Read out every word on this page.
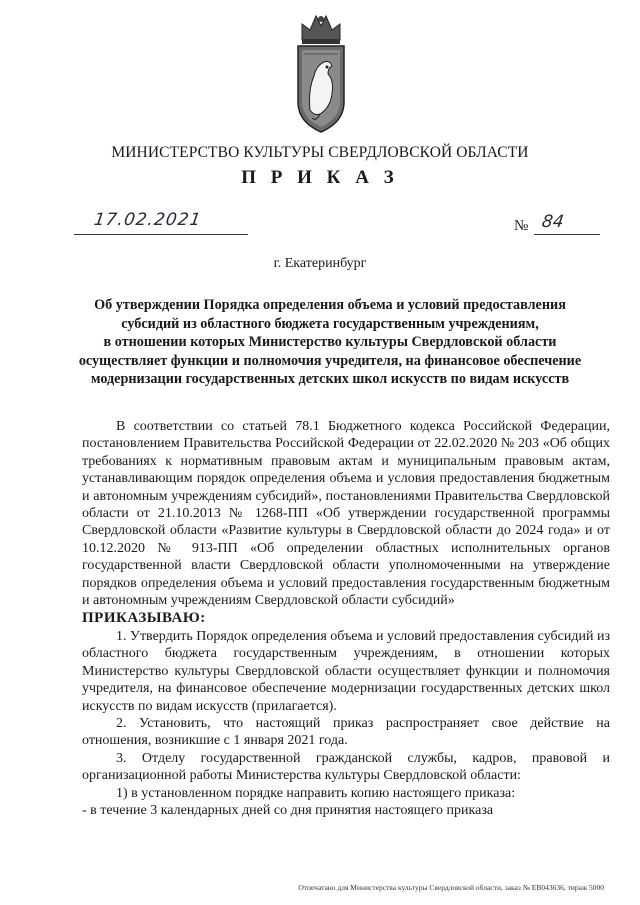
МИНИСТЕРСТВО КУЛЬТУРЫ СВЕРДЛОВСКОЙ ОБЛАСТИ
П Р И К А З
17.02.2021	№ 84
г. Екатеринбург
Об утверждении Порядка определения объема и условий предоставления
субсидий из областного бюджета государственным учреждениям,
в отношении которых Министерство культуры Свердловской области
осуществляет функции и полномочия учредителя, на финансовое обеспечение
модернизации государственных детских школ искусств по видам искусств

В соответствии со статьей 78.1 Бюджетного кодекса Российской Федерации, постановлением Правительства Российской Федерации от 22.02.2020 № 203 «Об общих требованиях к нормативным правовым актам и муниципальным правовым актам, устанавливающим порядок определения объема и условия предоставления бюджетным и автономным учреждениям субсидий», постановлениями Правительства Свердловской области от 21.10.2013 № 1268-ПП «Об утверждении государственной программы Свердловской области «Развитие культуры в Свердловской области до 2024 года» и от 10.12.2020 № 913-ПП «Об определении областных исполнительных органов государственной власти Свердловской области уполномоченными на утверждение порядков определения объема и условий предоставления государственным бюджетным и автономным учреждениям Свердловской области субсидий»

ПРИКАЗЫВАЮ:

1. Утвердить Порядок определения объема и условий предоставления субсидий из областного бюджета государственным учреждениям, в отношении которых Министерство культуры Свердловской области осуществляет функции и полномочия учредителя, на финансовое обеспечение модернизации государственных детских школ искусств по видам искусств (прилагается).

2. Установить, что настоящий приказ распространяет свое действие на отношения, возникшие с 1 января 2021 года.

3. Отделу государственной гражданской службы, кадров, правовой и организационной работы Министерства культуры Свердловской области:

1) в установленном порядке направить копию настоящего приказа:

- в течение 3 календарных дней со дня принятия настоящего приказа

Отпечатано для Министерства культуры Свердловской области, заказ № ЕВ043636, тираж 5000
